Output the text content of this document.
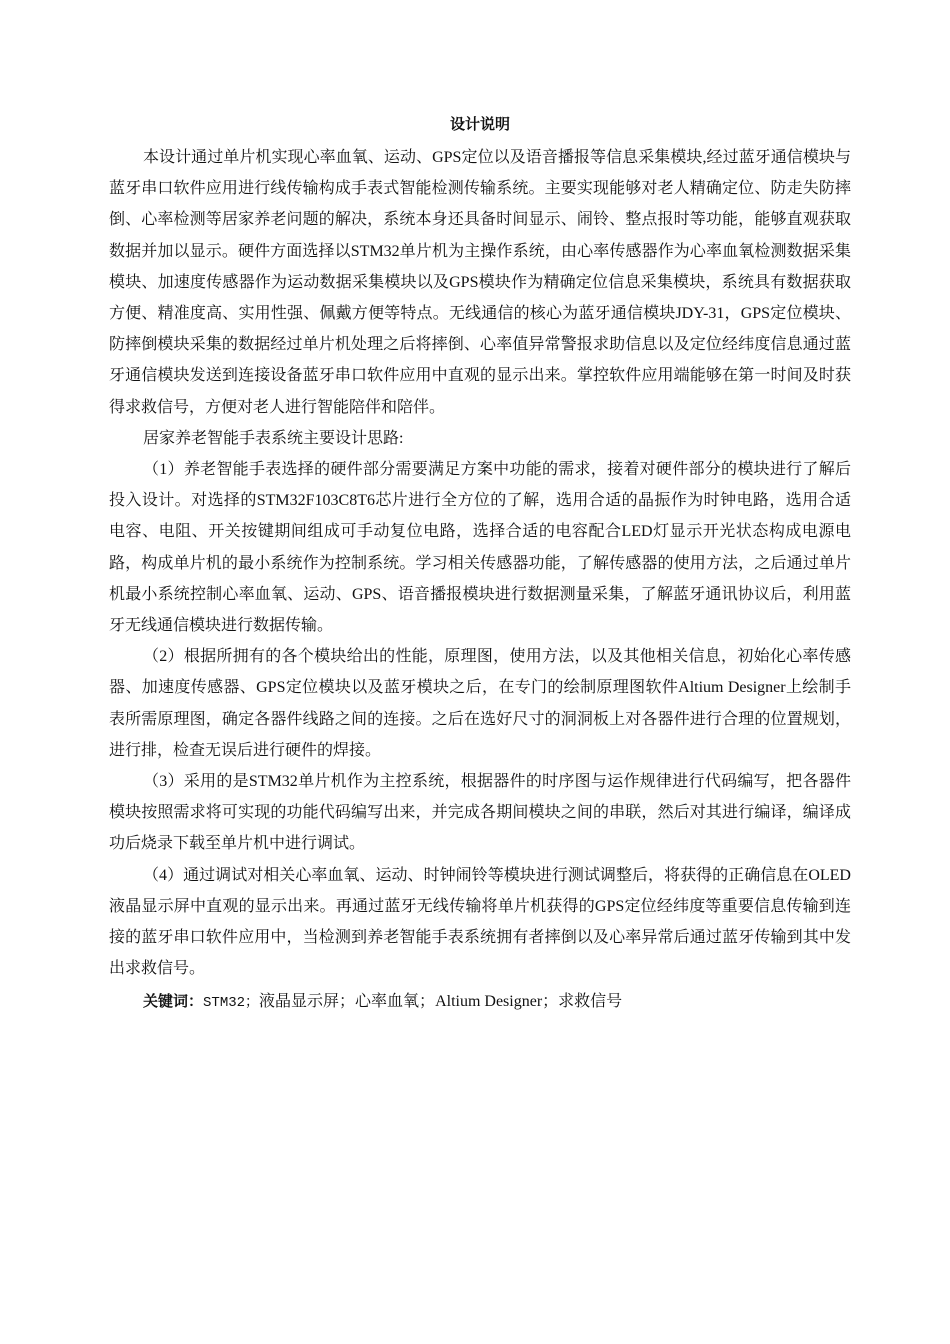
设计说明

本设计通过单片机实现心率血氧、运动、GPS定位以及语音播报等信息采集模块,经过蓝牙通信模块与蓝牙串口软件应用进行线传输构成手表式智能检测传输系统。主要实现能够对老人精确定位、防走失防摔倒、心率检测等居家养老问题的解决，系统本身还具备时间显示、闹铃、整点报时等功能，能够直观获取数据并加以显示。硬件方面选择以STM32单片机为主操作系统，由心率传感器作为心率血氧检测数据采集模块、加速度传感器作为运动数据采集模块以及GPS模块作为精确定位信息采集模块，系统具有数据获取方便、精准度高、实用性强、佩戴方便等特点。无线通信的核心为蓝牙通信模块JDY-31，GPS定位模块、防摔倒模块采集的数据经过单片机处理之后将摔倒、心率值异常警报求助信息以及定位经纬度信息通过蓝牙通信模块发送到连接设备蓝牙串口软件应用中直观的显示出来。掌控软件应用端能够在第一时间及时获得求救信号，方便对老人进行智能陪伴和陪伴。

居家养老智能手表系统主要设计思路:

（1）养老智能手表选择的硬件部分需要满足方案中功能的需求，接着对硬件部分的模块进行了解后投入设计。对选择的STM32F103C8T6芯片进行全方位的了解，选用合适的晶振作为时钟电路，选用合适电容、电阻、开关按键期间组成可手动复位电路，选择合适的电容配合LED灯显示开光状态构成电源电路，构成单片机的最小系统作为控制系统。学习相关传感器功能，了解传感器的使用方法，之后通过单片机最小系统控制心率血氧、运动、GPS、语音播报模块进行数据测量采集，了解蓝牙通讯协议后，利用蓝牙无线通信模块进行数据传输。

（2）根据所拥有的各个模块给出的性能，原理图，使用方法，以及其他相关信息，初始化心率传感器、加速度传感器、GPS定位模块以及蓝牙模块之后，在专门的绘制原理图软件Altium Designer上绘制手表所需原理图，确定各器件线路之间的连接。之后在选好尺寸的洞洞板上对各器件进行合理的位置规划，进行排，检查无误后进行硬件的焊接。

（3）采用的是STM32单片机作为主控系统，根据器件的时序图与运作规律进行代码编写，把各器件模块按照需求将可实现的功能代码编写出来，并完成各期间模块之间的串联，然后对其进行编译，编译成功后烧录下载至单片机中进行调试。

（4）通过调试对相关心率血氧、运动、时钟闹铃等模块进行测试调整后，将获得的正确信息在OLED液晶显示屏中直观的显示出来。再通过蓝牙无线传输将单片机获得的GPS定位经纬度等重要信息传输到连接的蓝牙串口软件应用中，当检测到养老智能手表系统拥有者摔倒以及心率异常后通过蓝牙传输到其中发出求救信号。

关键词：STM32；液晶显示屏；心率血氧；Altium Designer；求救信号
